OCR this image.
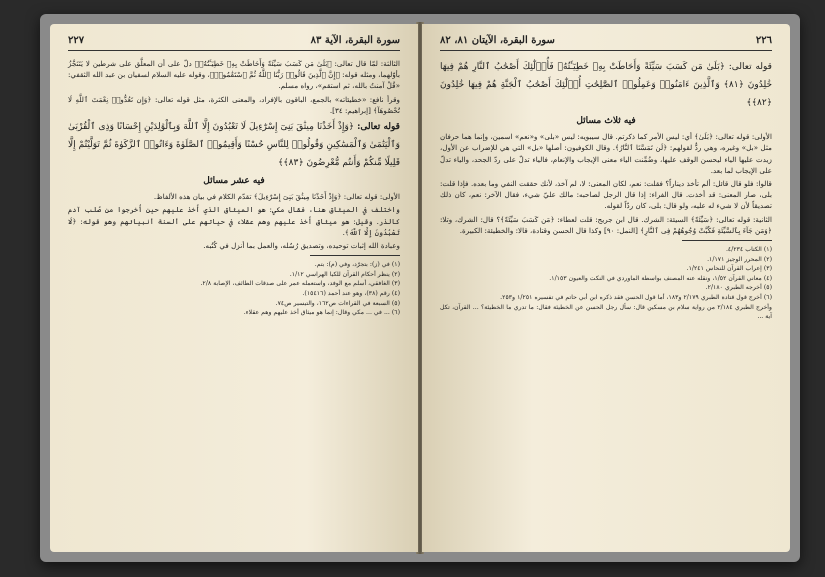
٢٢٧	سورة البقرة، الآية ٨٣

الثالثة: لمّا قال تعالى: ﴿بَلَىٰ مَن كَسَبَ سَيِّئَةً وَأَحَاطَتْ بِهِۦ خَطِيٓـَٔتُهُۥ﴾ دلّ على أن المعلَّق على شرطين لا يَتَنَجَّزُ بأوّلهما، ومثله قوله: ﴿إِنَّ ٱلَّذِينَ قَالُوا۟ رَبُّنَا ٱللَّهُ ثُمَّ ٱسْتَقَٰمُوا۟﴾، وقوله عليه السلام لسفيان بن عبد الله الثقفي: «قُلْ آمنتُ بالله، ثم استقم»، رواه مسلم.

وقرأ نافع: «خطيئاته» بالجمع، الباقون بالإفراد، والمعنى الكثرة، مثل قوله تعالى: ﴿وَإِن تَعُدُّوا۟ نِعْمَتَ ٱللَّهِ لَا تُحْصُوهَآ﴾ [إبراهيم: ٣٤].

قوله تعالى: ﴿وَإِذْ أَخَذْنَا مِيثَٰقَ بَنِىٓ إِسْرَٰٓءِيلَ لَا تَعْبُدُونَ إِلَّا ٱللَّهَ وَبِٱلْوَٰلِدَيْنِ إِحْسَانًا وَذِى ٱلْقُرْبَىٰ وَٱلْيَتَٰمَىٰ وَٱلْمَسَٰكِينِ وَقُولُوا۟ لِلنَّاسِ حُسْنًا وَأَقِيمُوا۟ ٱلصَّلَوٰةَ وَءَاتُوا۟ ٱلزَّكَوٰةَ ثُمَّ تَوَلَّيْتُمْ إِلَّا قَلِيلًا مِّنكُمْ وَأَنتُم مُّعْرِضُونَ ﴿٨٣﴾﴾

فيه عشر مسائل

الأولى: قوله تعالى: ﴿وَإِذْ أَخَذْنَا مِيثَٰقَ بَنِىٓ إِسْرَٰٓءِيلَ﴾ تقدّم الكلام في بيان هذه الألفاظ.

واختلف في الميثاق هنا، فقال مكي: هو الميثاق الذي أُخذ عليهم حين أُخرجوا من صُلب آدم كالذر. وقيل: هو ميثاق أُخذ عليهم وهم عقلاء في حياتهم على ألسنة أنبيائهم وهو قوله: ﴿لَا تَعْبُدُونَ إِلَّا ٱللَّهَ﴾.

وعبادة الله إثبات توحيده، وتصديق رُسُله، والعمل بما أنزل في كُتُبه.

(١) في (ز): بتجرّد، وفي (م): بتم.
(٢) ينظر أحكام القرآن للكيا الهراسي ١/١٢.
(٣) الغافقي، أسلم مع الوفد، واستعمله عمر على صدقات الطائف، الإصابة ٢/٨.
(٤) رقم (٣٨)، وهو عند أحمد (١٥٤١٦).
(٥) السبعة في القراءات ص١٦٢، والتيسير ص٧٤.
(٦) ... في ... مكي وقال: إنما هو ميثاق أخذ عليهم وهم عقلاء.
٢٢٦
سورة البقرة، الآيتان ٨١، ٨٢

قوله تعالى: ﴿بَلَىٰ مَن كَسَبَ سَيِّئَةً وَأَحَاطَتْ بِهِۦ خَطِيٓـَٔتُهُۥ فَأُو۟لَٰٓئِكَ أَصْحَٰبُ ٱلنَّارِ هُمْ فِيهَا خَٰلِدُونَ ﴿٨١﴾ وَٱلَّذِينَ ءَامَنُوا۟ وَعَمِلُوا۟ ٱلصَّٰلِحَٰتِ أُو۟لَٰٓئِكَ أَصْحَٰبُ ٱلْجَنَّةِ هُمْ فِيهَا خَٰلِدُونَ ﴿٨٢﴾﴾

فيه ثلاث مسائل

الأولى: قوله تعالى: ﴿بَلَىٰ﴾ أي: ليس الأمر كما ذكرتم. قال سيبويه: ليس «بلى» و«نعم» اسمين، وإنما هما حرفان مثل «بل» وغيره، وهي ردٌّ لقولهم: ﴿لَن تَمَسَّنَا ٱلنَّارُ﴾. وقال الكوفيون: أصلها «بل» التي هي للإضراب عن الأول، زيدت عليها الياء ليحسن الوقف عليها، وضُمِّنت الياء معنى الإيجاب والإنعام، فالياء تدلّ على ردّ الجحد، والياء تدلّ على الإيجاب لما بعد.

قالوا: فلو قال قائل: ألم تأخذ ديناراً؟ فقلت: نعم، لكان المعنى: لا، لم آخذ، لأنك حققت النفي وما بعده. فإذا قلت: بلى، صار المعنى: قد أخذت. قال الفراء: إذا قال الرجل لصاحبه: مالك عليّ شيء، فقال الآخر: نعم، كان ذلك تصديقاً لأن لا شيء له عليه، ولو قال: بلى، كان ردّاً لقوله.

الثانية: قوله تعالى: ﴿سَيِّئَةً﴾ السيئة: الشرك. قال ابن جريج: قلت لعطاء: ﴿مَن كَسَبَ سَيِّئَةً﴾؟ قال: الشرك، وتلا: ﴿وَمَن جَآءَ بِٱلسَّيِّئَةِ فَكُبَّتْ وُجُوهُهُمْ فِى ٱلنَّارِ﴾ [النمل: ٩٠] وكذا قال الحسن وقتادة، قالا: والخطيئة: الكبيرة.

(١) الكتاب ٤/٢٣٤.
(٢) المحرر الوجيز ١/١٧١.
(٣) إعراب القرآن للنحاس ١/٢٤١.
(٤) معاني القرآن ١/٥٢، ونقله عنه المصنف بواسطة الماوردي في النكت والعيون ١/١٥٣.
(٥) أخرجه الطبري ٢/١٨٠.
(٦) أخرج قول قتادة الطبري ٢/١٧٩ و١٨٣، أما قول الحسن فقد ذكره ابن أبي حاتم في تفسيره ١/٢٥١ و٢٥٣.
وأخرج الطبري ٢/١٨٤ من رواية سلام بن مسكين قال: سأل رجل الحسن عن الخطيئة فقال: ما تدري ما الخطيئة؟ ... القرآن، تكل آية ...
